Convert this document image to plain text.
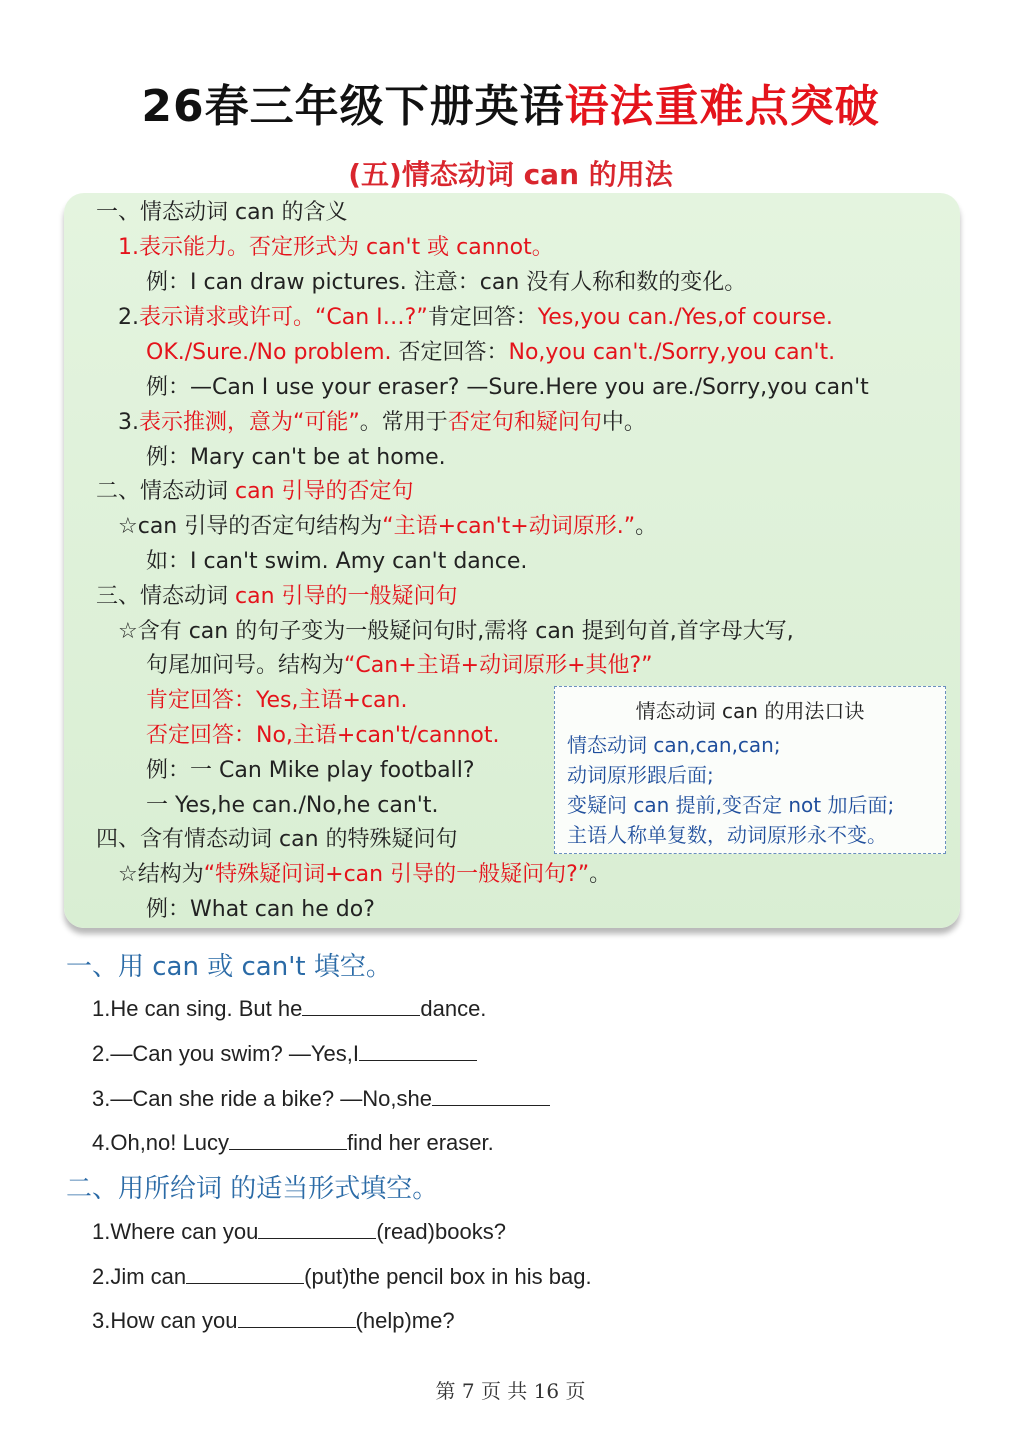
26春三年级下册英语语法重难点突破
(五)情态动词 can 的用法
一、情态动词 can 的含义
1.表示能力。否定形式为 can't 或 cannot。
例：I can draw pictures. 注意：can 没有人称和数的变化。
2.表示请求或许可。“Can I…?”肯定回答：Yes,you can./Yes,of course.
OK./Sure./No problem. 否定回答：No,you can't./Sorry,you can't.
例：—Can I use your eraser? —Sure.Here you are./Sorry,you can't
3.表示推测，意为“可能”。常用于否定句和疑问句中。
例：Mary can't be at home.
二、情态动词 can 引导的否定句
☆can 引导的否定句结构为“主语+can't+动词原形.”。
如：I can't swim. Amy can't dance.
三、情态动词 can 引导的一般疑问句
☆含有 can 的句子变为一般疑问句时,需将 can 提到句首,首字母大写,
句尾加问号。结构为“Can+主语+动词原形+其他?”
肯定回答：Yes,主语+can.
否定回答：No,主语+can't/cannot.
例：一 Can Mike play football?
一 Yes,he can./No,he can't.
四、含有情态动词 can 的特殊疑问句
☆结构为“特殊疑问词+can 引导的一般疑问句?”。
例：What can he do?
情态动词 can 的用法口诀
情态动词 can,can,can;
动词原形跟后面;
变疑问 can 提前,变否定 not 加后面;
主语人称单复数，动词原形永不变。
一、用 can 或 can't 填空。
1.He can sing. But he	dance.
2.—Can you swim? —Yes,I
3.—Can she ride a bike? —No,she
4.Oh,no! Lucy	find her eraser.
二、用所给词 的适当形式填空。
1.Where can you	(read)books?
2.Jim can	(put)the pencil box in his bag.
3.How can you	(help)me?
第 7 页 共 16 页
